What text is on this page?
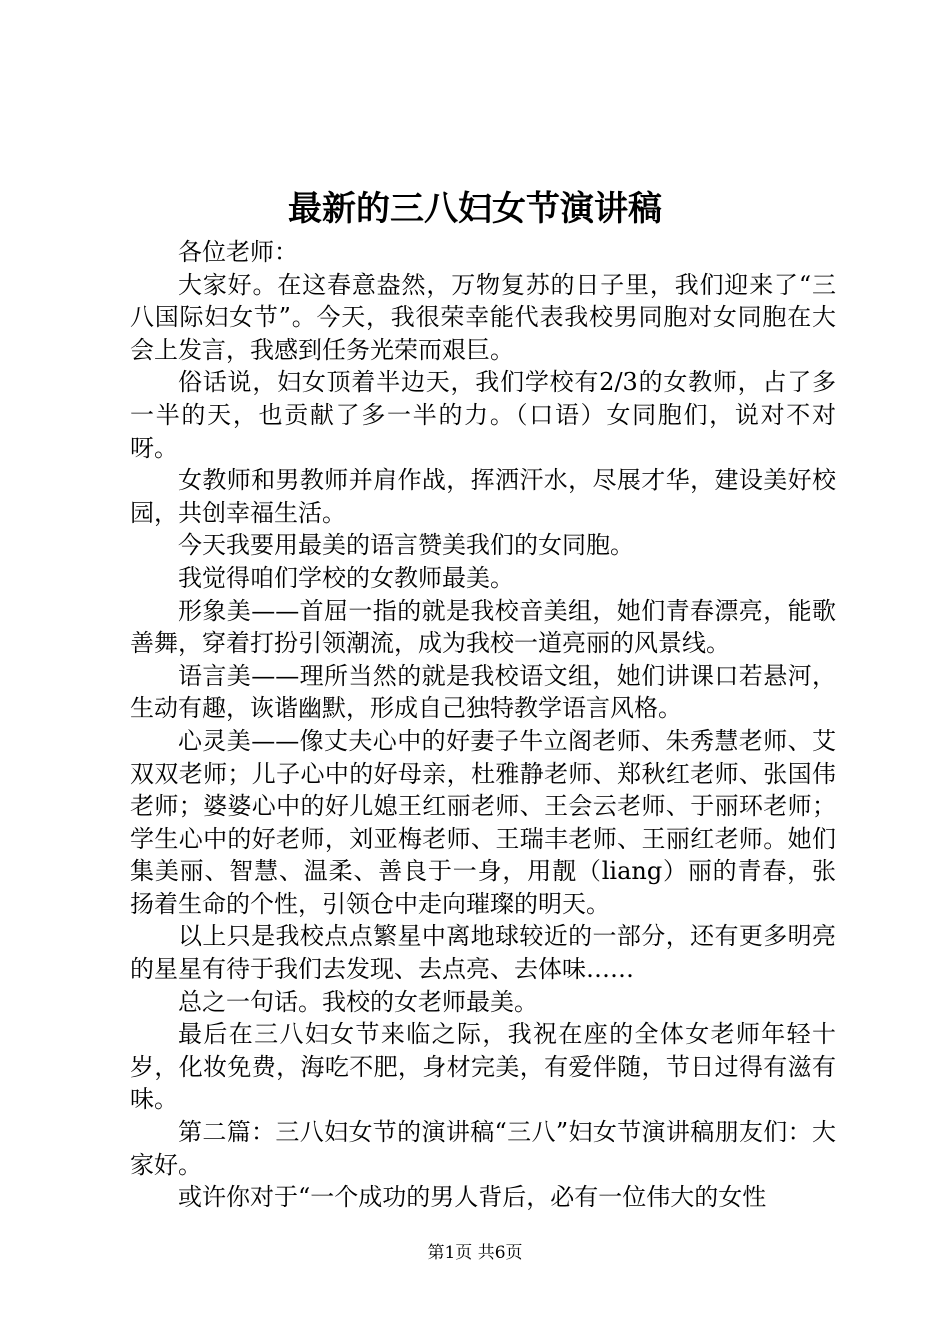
最新的三八妇女节演讲稿

各位老师：

大家好。在这春意盎然，万物复苏的日子里，我们迎来了“三八国际妇女节”。今天，我很荣幸能代表我校男同胞对女同胞在大会上发言，我感到任务光荣而艰巨。

俗话说，妇女顶着半边天，我们学校有2/3的女教师，占了多一半的天，也贡献了多一半的力。（口语）女同胞们，说对不对呀。

女教师和男教师并肩作战，挥洒汗水，尽展才华，建设美好校园，共创幸福生活。

今天我要用最美的语言赞美我们的女同胞。

我觉得咱们学校的女教师最美。

形象美——首屈一指的就是我校音美组，她们青春漂亮，能歌善舞，穿着打扮引领潮流，成为我校一道亮丽的风景线。

语言美——理所当然的就是我校语文组，她们讲课口若悬河，生动有趣，诙谐幽默，形成自己独特教学语言风格。

心灵美——像丈夫心中的好妻子牛立阁老师、朱秀慧老师、艾双双老师；儿子心中的好母亲，杜雅静老师、郑秋红老师、张国伟老师；婆婆心中的好儿媳王红丽老师、王会云老师、于丽环老师；学生心中的好老师，刘亚梅老师、王瑞丰老师、王丽红老师。她们集美丽、智慧、温柔、善良于一身，用靓（liang）丽的青春，张扬着生命的个性，引领仓中走向璀璨的明天。

以上只是我校点点繁星中离地球较近的一部分，还有更多明亮的星星有待于我们去发现、去点亮、去体味……

总之一句话。我校的女老师最美。

最后在三八妇女节来临之际，我祝在座的全体女老师年轻十岁，化妆免费，海吃不肥，身材完美，有爱伴随，节日过得有滋有味。

第二篇：三八妇女节的演讲稿“三八”妇女节演讲稿朋友们：大家好。

或许你对于“一个成功的男人背后，必有一位伟大的女性

第1页 共6页
